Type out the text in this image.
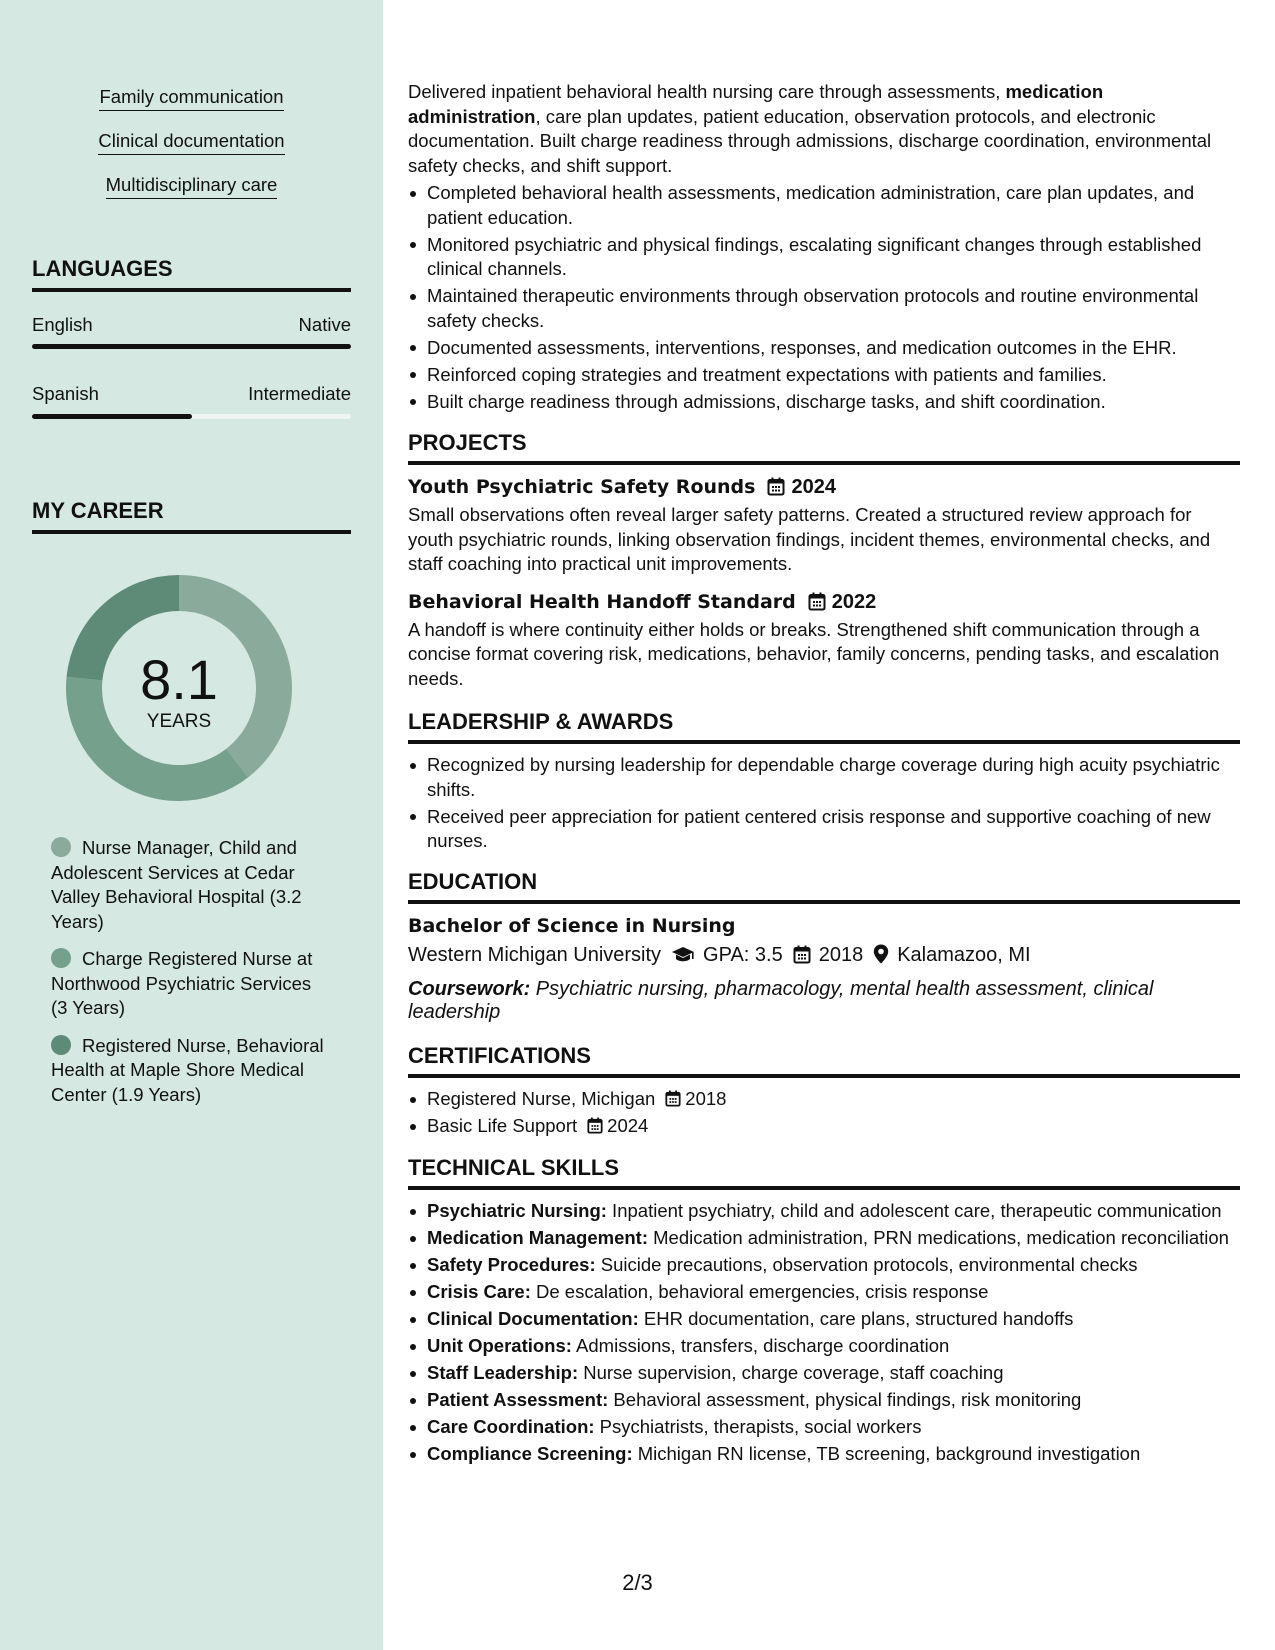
Family communication
Clinical documentation
Multidisciplinary care
LANGUAGES
English	Native
Spanish	Intermediate
MY CAREER
8.1
YEARS
Nurse Manager, Child and Adolescent Services at Cedar Valley Behavioral Hospital (3.2 Years)
Charge Registered Nurse at Northwood Psychiatric Services (3 Years)
Registered Nurse, Behavioral Health at Maple Shore Medical Center (1.9 Years)

Delivered inpatient behavioral health nursing care through assessments, medication administration, care plan updates, patient education, observation protocols, and electronic documentation. Built charge readiness through admissions, discharge coordination, environmental safety checks, and shift support.

Completed behavioral health assessments, medication administration, care plan updates, and patient education.
Monitored psychiatric and physical findings, escalating significant changes through established clinical channels.
Maintained therapeutic environments through observation protocols and routine environmental safety checks.
Documented assessments, interventions, responses, and medication outcomes in the EHR.
Reinforced coping strategies and treatment expectations with patients and families.
Built charge readiness through admissions, discharge tasks, and shift coordination.
PROJECTS
Youth Psychiatric Safety Rounds 2024
Small observations often reveal larger safety patterns. Created a structured review approach for youth psychiatric rounds, linking observation findings, incident themes, environmental checks, and staff coaching into practical unit improvements.
Behavioral Health Handoff Standard 2022
A handoff is where continuity either holds or breaks. Strengthened shift communication through a concise format covering risk, medications, behavior, family concerns, pending tasks, and escalation needs.
LEADERSHIP & AWARDS
Recognized by nursing leadership for dependable charge coverage during high acuity psychiatric shifts.
Received peer appreciation for patient centered crisis response and supportive coaching of new nurses.
EDUCATION
Bachelor of Science in Nursing
Western Michigan University GPA: 3.5 2018 Kalamazoo, MI
Coursework: Psychiatric nursing, pharmacology, mental health assessment, clinical leadership
CERTIFICATIONS
Registered Nurse, Michigan 2018
Basic Life Support 2024
TECHNICAL SKILLS
Psychiatric Nursing: Inpatient psychiatry, child and adolescent care, therapeutic communication
Medication Management: Medication administration, PRN medications, medication reconciliation
Safety Procedures: Suicide precautions, observation protocols, environmental checks
Crisis Care: De escalation, behavioral emergencies, crisis response
Clinical Documentation: EHR documentation, care plans, structured handoffs
Unit Operations: Admissions, transfers, discharge coordination
Staff Leadership: Nurse supervision, charge coverage, staff coaching
Patient Assessment: Behavioral assessment, physical findings, risk monitoring
Care Coordination: Psychiatrists, therapists, social workers
Compliance Screening: Michigan RN license, TB screening, background investigation
2/3
